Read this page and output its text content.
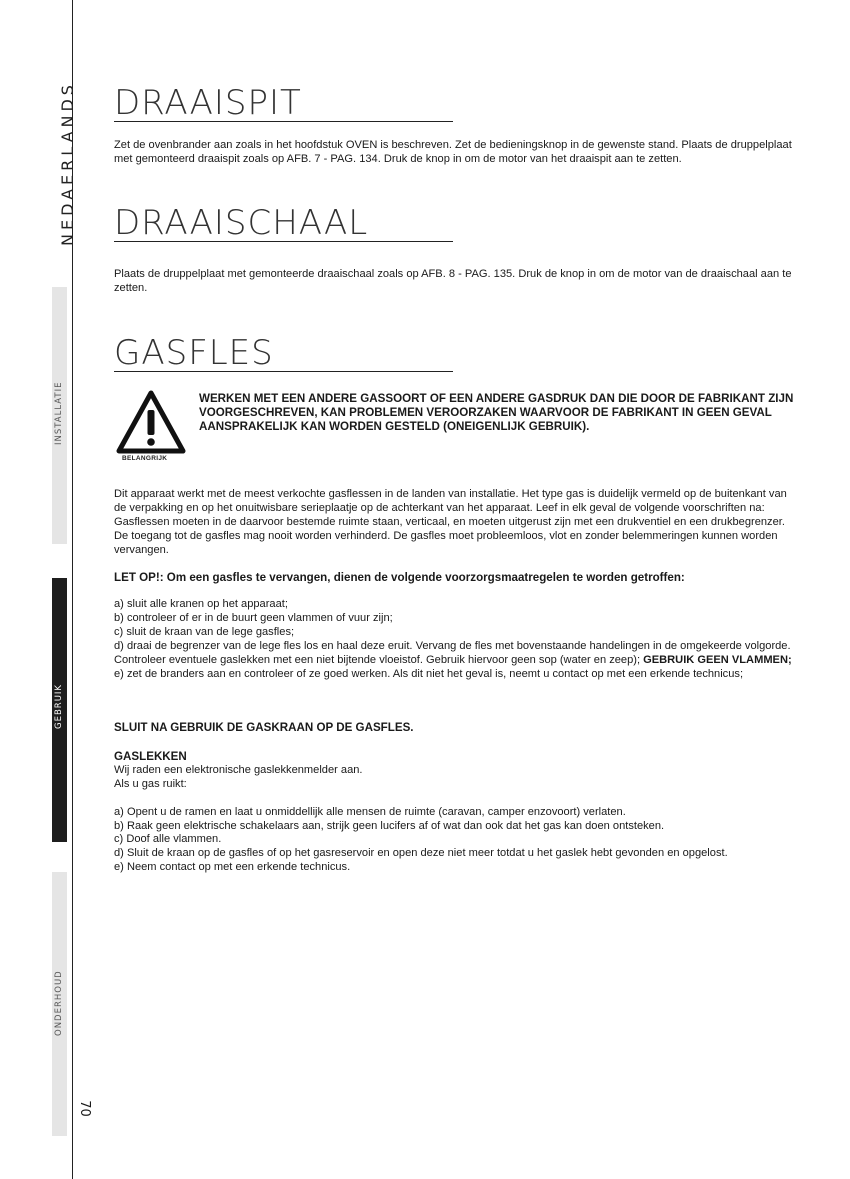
NEDAERLANDS
INSTALLATIE
GEBRUIK
ONDERHOUD
70
DRAAISPIT
Zet de ovenbrander aan zoals in het hoofdstuk OVEN is beschreven. Zet de bedieningsknop in de gewenste stand. Plaats de druppelplaat met gemonteerd draaispit zoals op AFB. 7 - PAG. 134. Druk de knop in om de motor van het draaispit aan te zetten.
DRAAISCHAAL
Plaats de druppelplaat met gemonteerde draaischaal zoals op AFB. 8 - PAG. 135. Druk de knop in om de motor van de draaischaal aan te zetten.
GASFLES
BELANGRIJK
WERKEN MET EEN ANDERE GASSOORT OF EEN ANDERE GASDRUK DAN DIE DOOR DE FABRIKANT ZIJN VOORGESCHREVEN, KAN PROBLEMEN VEROORZAKEN WAARVOOR DE FABRIKANT IN GEEN GEVAL AANSPRAKELIJK KAN WORDEN GESTELD (ONEIGENLIJK GEBRUIK).
Dit apparaat werkt met de meest verkochte gasflessen in de landen van installatie. Het type gas is duidelijk vermeld op de buitenkant van de verpakking en op het onuitwisbare serieplaatje op de achterkant van het apparaat. Leef in elk geval de volgende voorschriften na: Gasflessen moeten in de daarvoor bestemde ruimte staan, verticaal, en moeten uitgerust zijn met een drukventiel en een drukbegrenzer. De toegang tot de gasfles mag nooit worden verhinderd. De gasfles moet probleemloos, vlot en zonder belemmeringen kunnen worden vervangen.
LET OP!: Om een gasfles te vervangen, dienen de volgende voorzorgsmaatregelen te worden getroffen:

a) sluit alle kranen op het apparaat;

b) controleer of er in de buurt geen vlammen of vuur zijn;

c) sluit de kraan van de lege gasfles;

d) draai de begrenzer van de lege fles los en haal deze eruit. Vervang de fles met bovenstaande handelingen in de omgekeerde volgorde. Controleer eventuele gaslekken met een niet bijtende vloeistof. Gebruik hiervoor geen sop (water en zeep); GEBRUIK GEEN VLAMMEN;

e) zet de branders aan en controleer of ze goed werken. Als dit niet het geval is, neemt u contact op met een erkende technicus;

SLUIT NA GEBRUIK DE GASKRAAN OP DE GASFLES.

GASLEKKEN

Wij raden een elektronische gaslekkenmelder aan.

Als u gas ruikt:

a) Opent u de ramen en laat u onmiddellijk alle mensen de ruimte (caravan, camper enzovoort) verlaten.

b) Raak geen elektrische schakelaars aan, strijk geen lucifers af of wat dan ook dat het gas kan doen ontsteken.

c) Doof alle vlammen.

d) Sluit de kraan op de gasfles of op het gasreservoir en open deze niet meer totdat u het gaslek hebt gevonden en opgelost.

e) Neem contact op met een erkende technicus.
